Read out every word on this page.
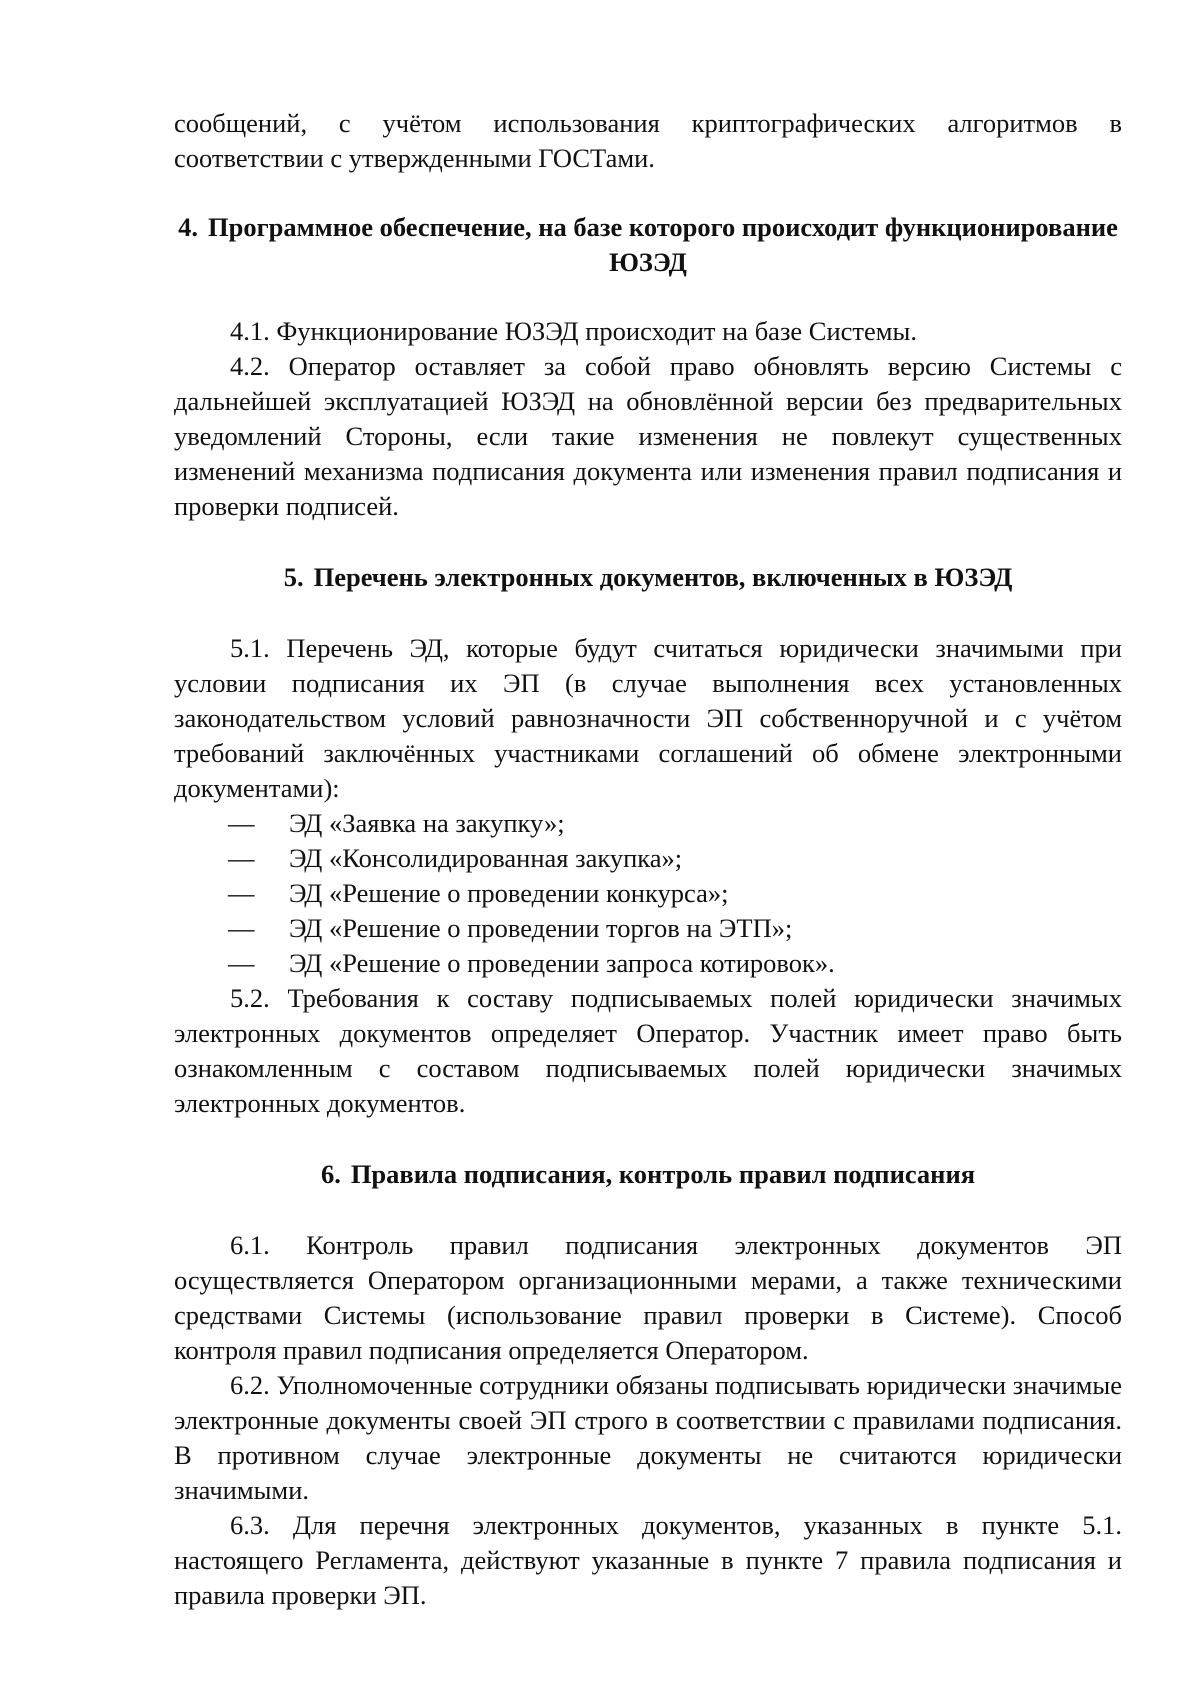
сообщений, с учётом использования криптографических алгоритмов в соответствии с утвержденными ГОСТами.

4. Программное обеспечение, на базе которого происходит функционирование ЮЗЭД

4.1. Функционирование ЮЗЭД происходит на базе Системы.

4.2. Оператор оставляет за собой право обновлять версию Системы с дальнейшей эксплуатацией ЮЗЭД на обновлённой версии без предварительных уведомлений Стороны, если такие изменения не повлекут существенных изменений механизма подписания документа или изменения правил подписания и проверки подписей.

5. Перечень электронных документов, включенных в ЮЗЭД

5.1. Перечень ЭД, которые будут считаться юридически значимыми при условии подписания их ЭП (в случае выполнения всех установленных законодательством условий равнозначности ЭП собственноручной и с учётом требований заключённых участниками соглашений об обмене электронными документами):

— ЭД «Заявка на закупку»;
— ЭД «Консолидированная закупка»;
— ЭД «Решение о проведении конкурса»;
— ЭД «Решение о проведении торгов на ЭТП»;
— ЭД «Решение о проведении запроса котировок».

5.2. Требования к составу подписываемых полей юридически значимых электронных документов определяет Оператор. Участник имеет право быть ознакомленным с составом подписываемых полей юридически значимых электронных документов.

6. Правила подписания, контроль правил подписания

6.1. Контроль правил подписания электронных документов ЭП осуществляется Оператором организационными мерами, а также техническими средствами Системы (использование правил проверки в Системе). Способ контроля правил подписания определяется Оператором.

6.2. Уполномоченные сотрудники обязаны подписывать юридически значимые электронные документы своей ЭП строго в соответствии с правилами подписания. В противном случае электронные документы не считаются юридически значимыми.

6.3. Для перечня электронных документов, указанных в пункте 5.1. настоящего Регламента, действуют указанные в пункте 7 правила подписания и правила проверки ЭП.
